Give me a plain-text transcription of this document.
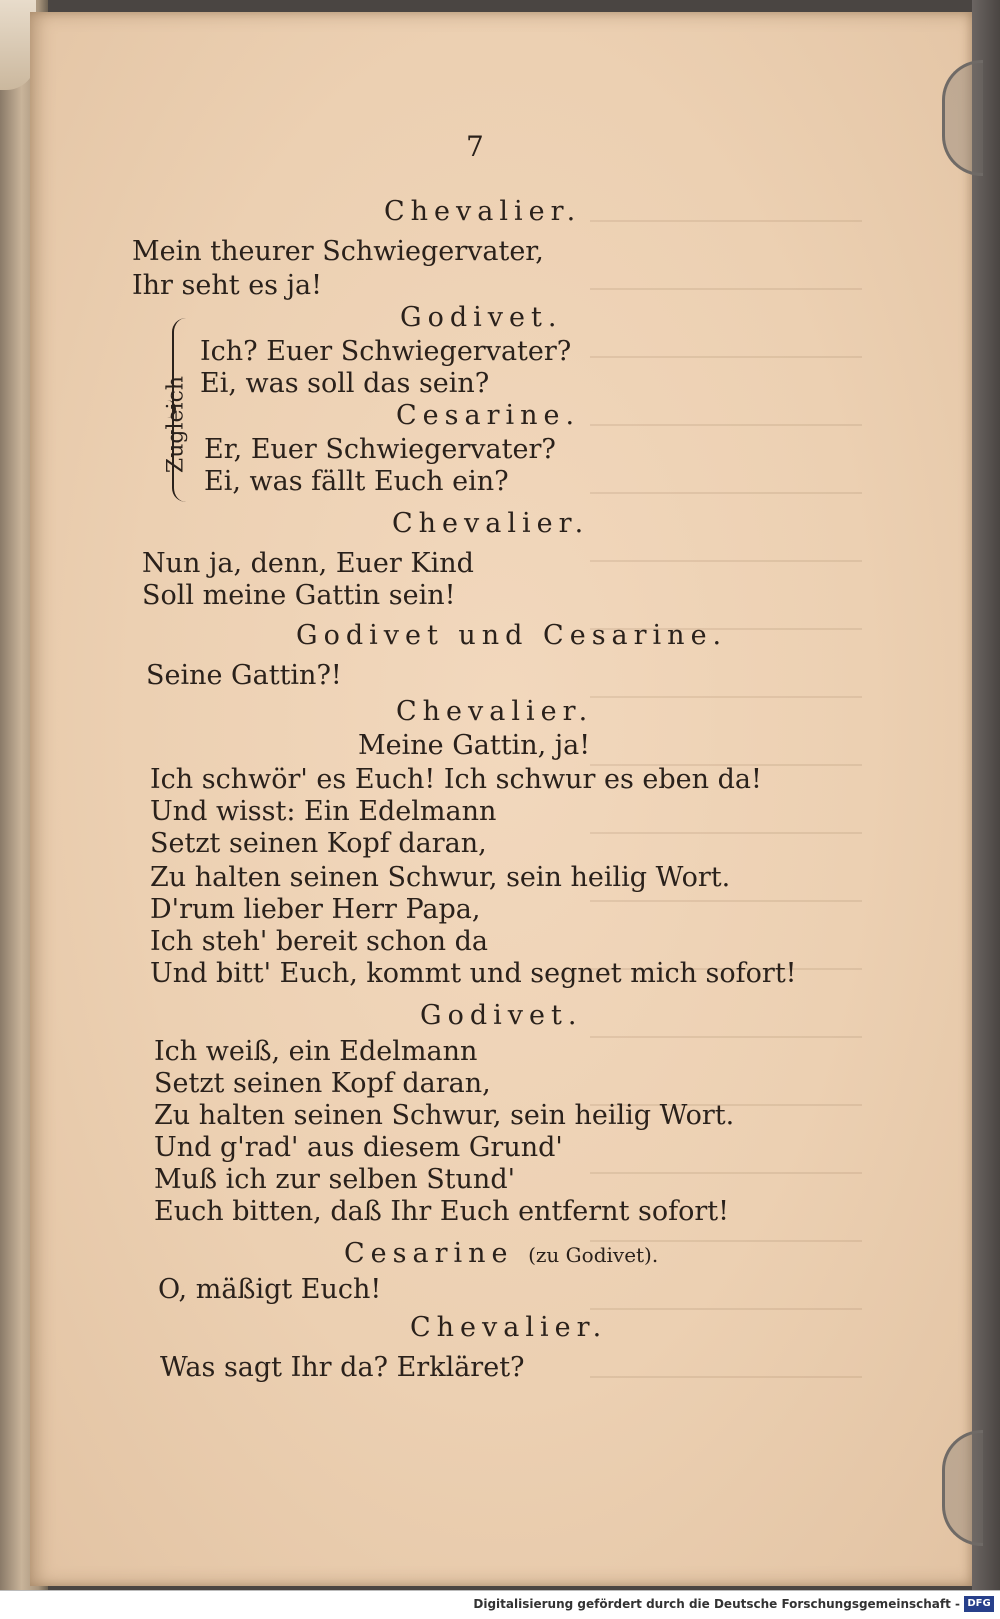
7
Chevalier.
Mein theurer Schwiegervater,
Ihr seht es ja!
Zugleich
Godivet.
Ich? Euer Schwiegervater?
Ei, was soll das sein?
Cesarine.
Er, Euer Schwiegervater?
Ei, was fällt Euch ein?
Chevalier.
Nun ja, denn, Euer Kind
Soll meine Gattin sein!
Godivet und Cesarine.
Seine Gattin?!
Chevalier.
Meine Gattin, ja!
Ich schwör' es Euch! Ich schwur es eben da!
Und wisst: Ein Edelmann
Setzt seinen Kopf daran,
Zu halten seinen Schwur, sein heilig Wort.
D'rum lieber Herr Papa,
Ich steh' bereit schon da
Und bitt' Euch, kommt und segnet mich sofort!
Godivet.
Ich weiß, ein Edelmann
Setzt seinen Kopf daran,
Zu halten seinen Schwur, sein heilig Wort.
Und g'rad' aus diesem Grund'
Muß ich zur selben Stund'
Euch bitten, daß Ihr Euch entfernt sofort!
Cesarine (zu Godivet).
O, mäßigt Euch!
Chevalier.
Was sagt Ihr da? Erkläret?
Digitalisierung gefördert durch die Deutsche Forschungsgemeinschaft - DFG
